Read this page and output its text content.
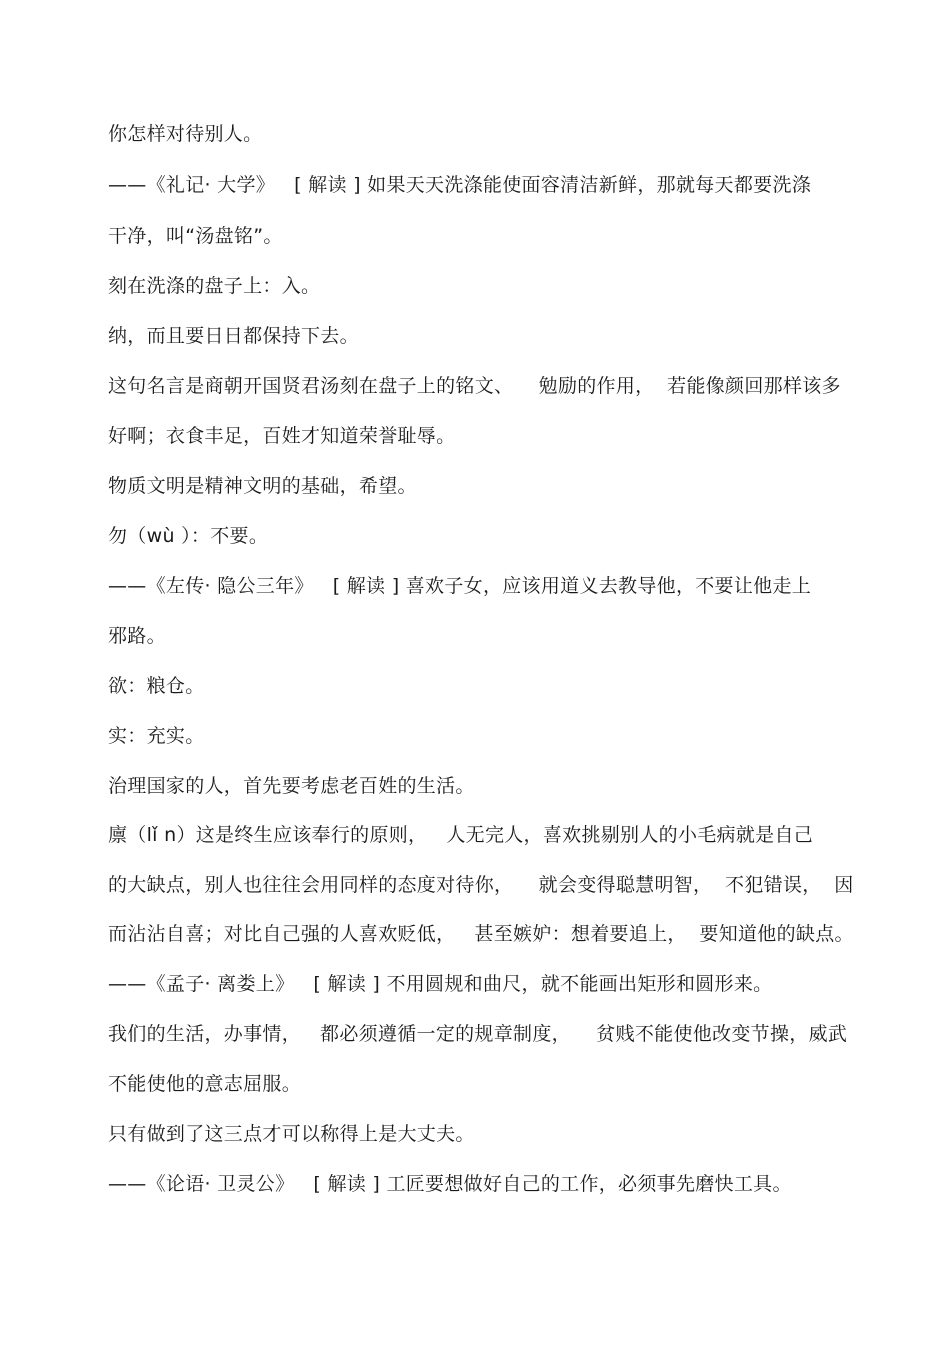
你怎样对待别人。

——《礼记· 大学》   [ 解读 ] 如果天天洗涤能使面容清洁新鲜，那就每天都要洗涤

干净，叫“汤盘铭”。

刻在洗涤的盘子上：入。

纳，而且要日日都保持下去。

这句名言是商朝开国贤君汤刻在盘子上的铭文、    勉励的作用，  若能像颜回那样该多

好啊；衣食丰足，百姓才知道荣誉耻辱。

物质文明是精神文明的基础，希望。

勿（wù ）：不要。

——《左传· 隐公三年》   [ 解读 ] 喜欢子女，应该用道义去教导他，不要让他走上

邪路。

欲：粮仓。

实：充实。

治理国家的人，首先要考虑老百姓的生活。

廪（lǐ n）这是终生应该奉行的原则，   人无完人，喜欢挑剔别人的小毛病就是自己

的大缺点，别人也往往会用同样的态度对待你，    就会变得聪慧明智，  不犯错误，  因

而沾沾自喜；对比自己强的人喜欢贬低，   甚至嫉妒：想着要追上，  要知道他的缺点。

——《孟子· 离娄上》   [ 解读 ] 不用圆规和曲尺，就不能画出矩形和圆形来。

我们的生活，办事情，   都必须遵循一定的规章制度，    贫贱不能使他改变节操，威武

不能使他的意志屈服。

只有做到了这三点才可以称得上是大丈夫。

——《论语· 卫灵公》   [ 解读 ] 工匠要想做好自己的工作，必须事先磨快工具。
